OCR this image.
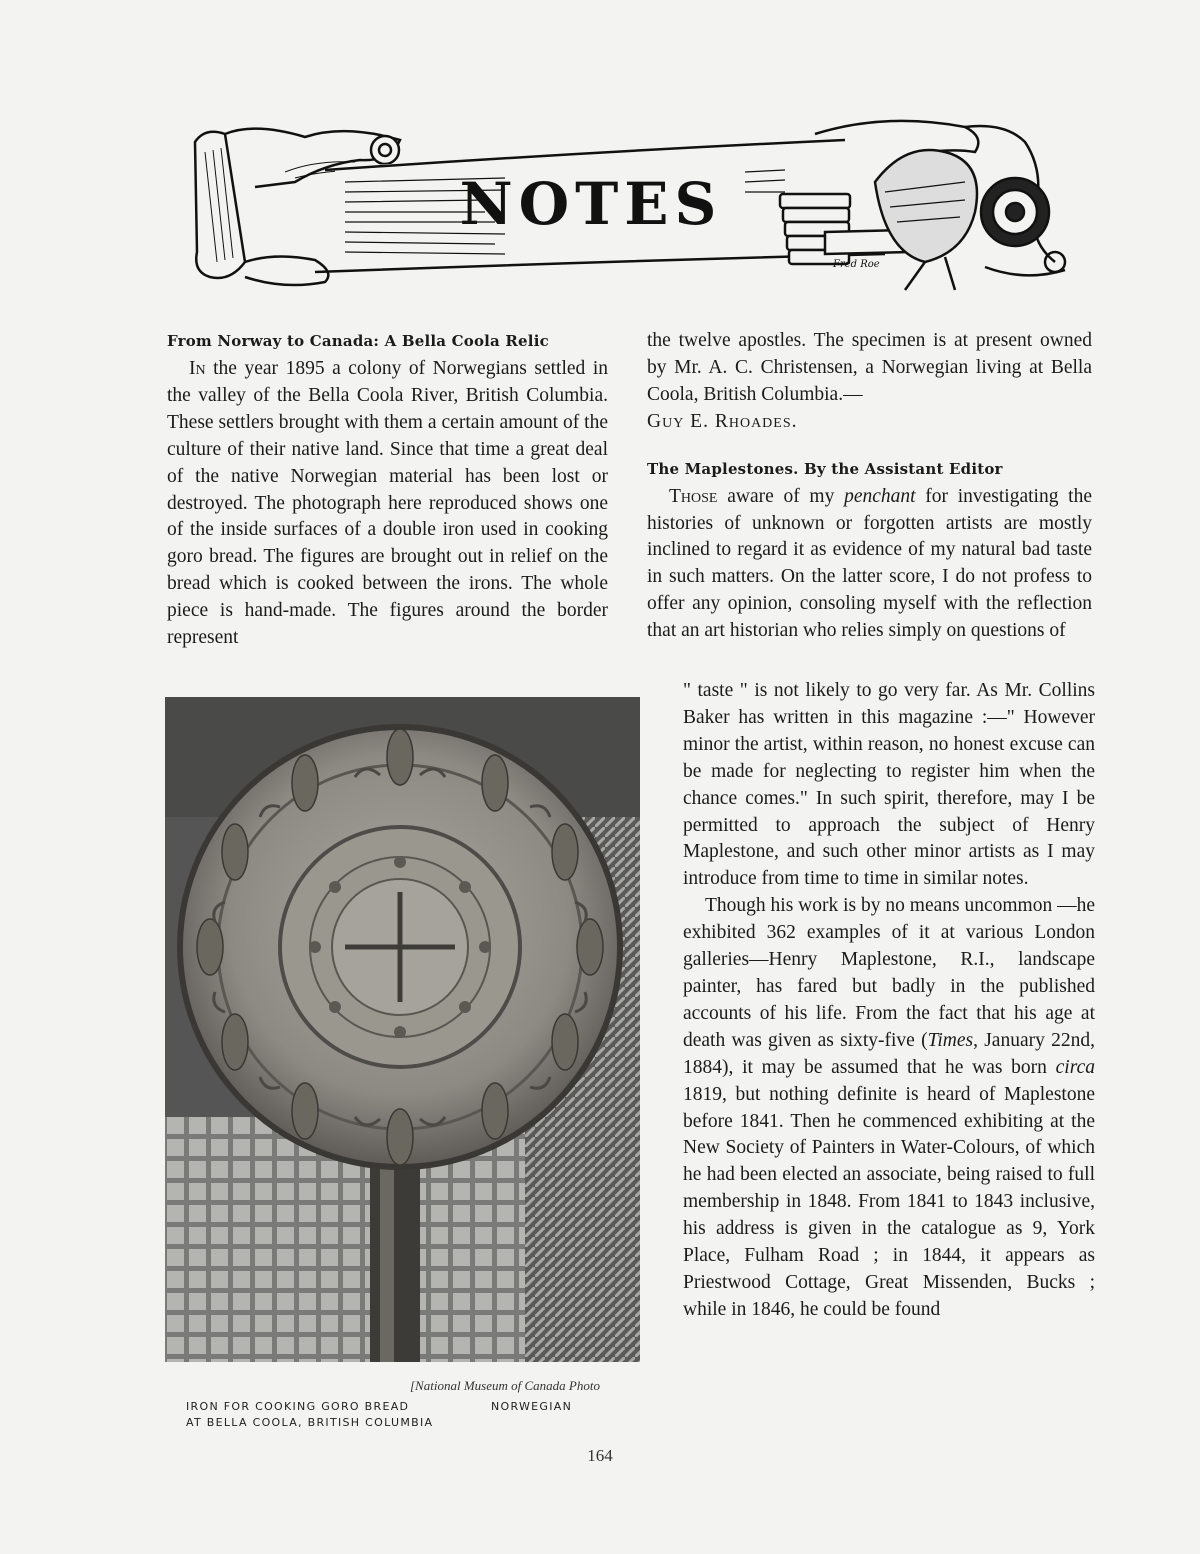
Fred Roe
NOTES
From Norway to Canada: A Bella Coola Relic

In the year 1895 a colony of Norwegians settled in the valley of the Bella Coola River, British Columbia. These settlers brought with them a certain amount of the culture of their native land. Since that time a great deal of the native Norwegian material has been lost or destroyed. The photograph here reproduced shows one of the inside surfaces of a double iron used in cooking goro bread. The figures are brought out in relief on the bread which is cooked between the irons. The whole piece is hand-made. The figures around the border represent

[National Museum of Canada Photo
IRON FOR COOKING GORO BREAD	NORWEGIAN
AT BELLA COOLA, BRITISH COLUMBIA

the twelve apostles. The specimen is at present owned by Mr. A. C. Christensen, a Norwegian living at Bella Coola, British Columbia.—

Guy E. Rhoades.

The Maplestones. By the Assistant Editor

Those aware of my penchant for investigating the histories of unknown or forgotten artists are mostly inclined to regard it as evidence of my natural bad taste in such matters. On the latter score, I do not profess to offer any opinion, consoling myself with the reflection that an art historian who relies simply on questions of

" taste " is not likely to go very far. As Mr. Collins Baker has written in this magazine :—" However minor the artist, within reason, no honest excuse can be made for neglecting to register him when the chance comes." In such spirit, therefore, may I be permitted to approach the subject of Henry Maplestone, and such other minor artists as I may introduce from time to time in similar notes.

Though his work is by no means uncommon —he exhibited 362 examples of it at various London galleries—Henry Maplestone, R.I., landscape painter, has fared but badly in the published accounts of his life. From the fact that his age at death was given as sixty-five (Times, January 22nd, 1884), it may be assumed that he was born circa 1819, but nothing definite is heard of Maplestone before 1841. Then he commenced exhibiting at the New Society of Painters in Water-Colours, of which he had been elected an associate, being raised to full membership in 1848. From 1841 to 1843 inclusive, his address is given in the catalogue as 9, York Place, Fulham Road ; in 1844, it appears as Priestwood Cottage, Great Missenden, Bucks ; while in 1846, he could be found

164
